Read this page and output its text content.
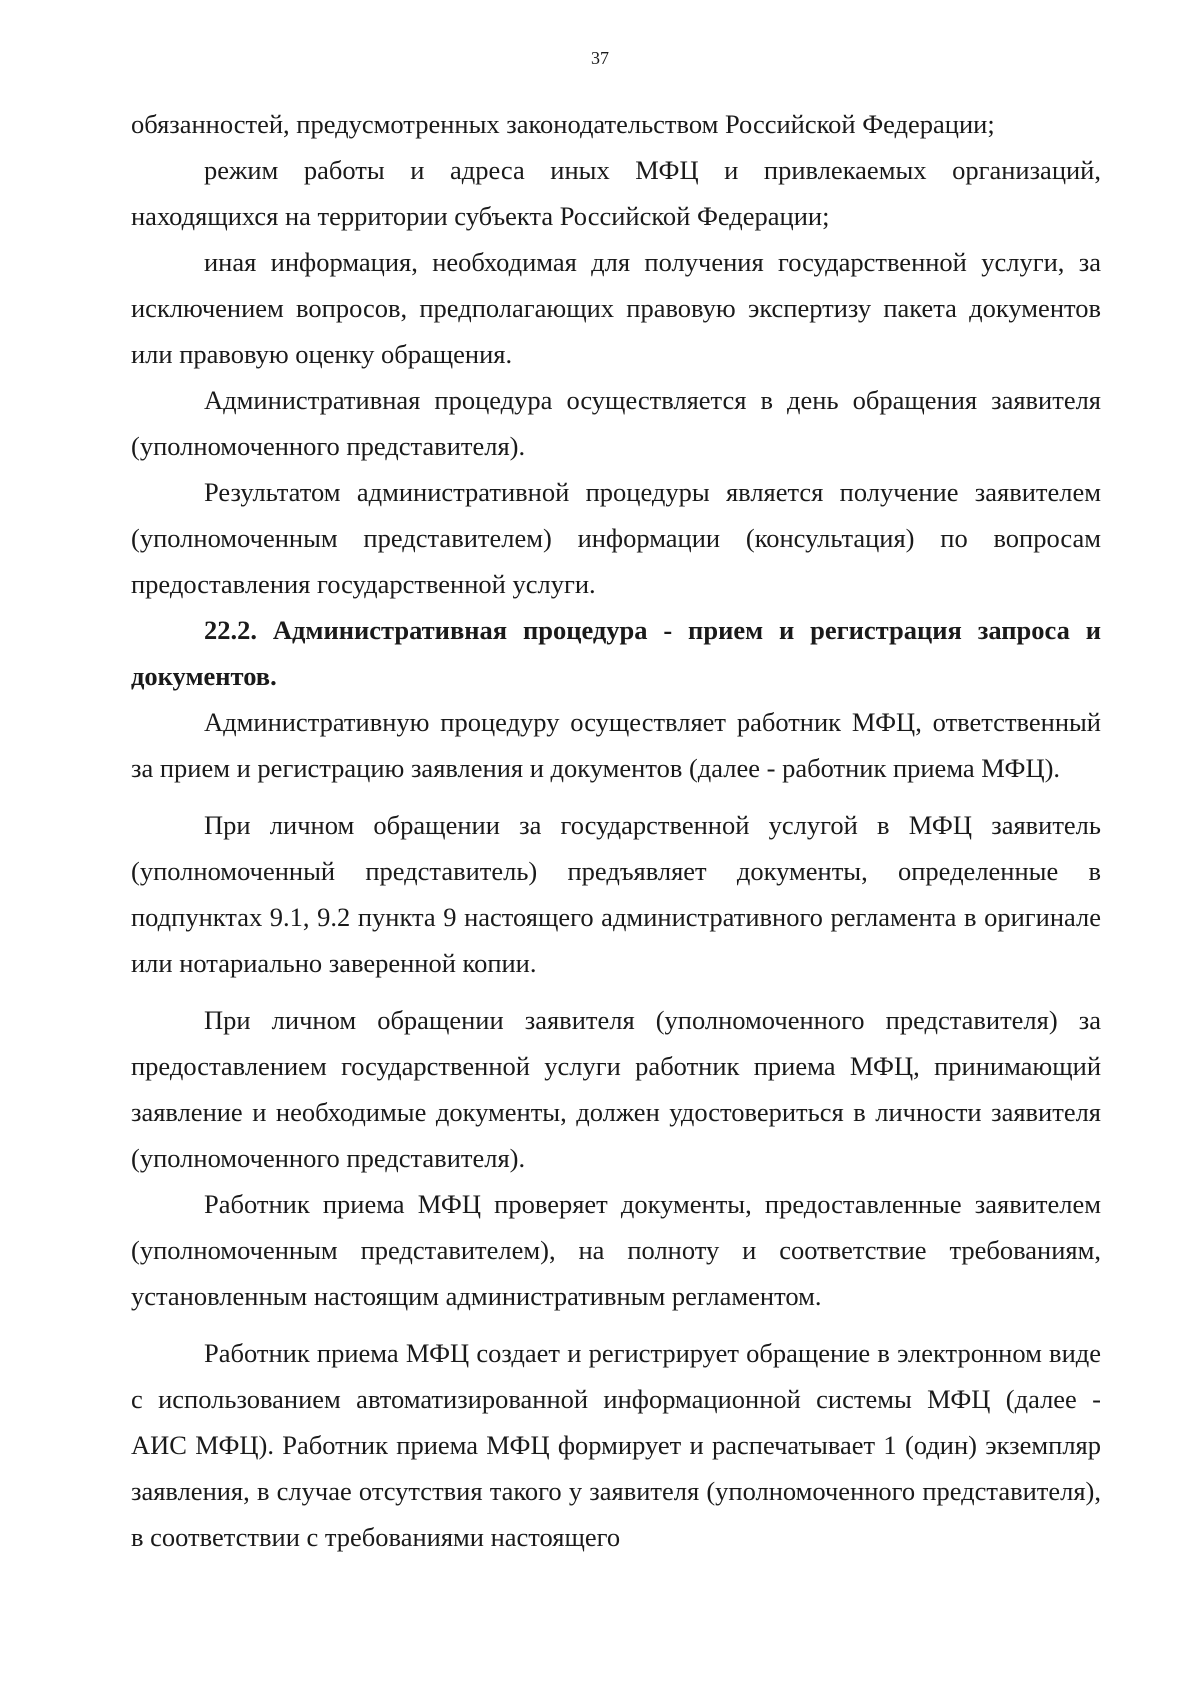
37

обязанностей, предусмотренных законодательством Российской Федерации;

режим работы и адреса иных МФЦ и привлекаемых организаций, находящихся на территории субъекта Российской Федерации;

иная информация, необходимая для получения государственной услуги, за исключением вопросов, предполагающих правовую экспертизу пакета документов или правовую оценку обращения.

Административная процедура осуществляется в день обращения заявителя (уполномоченного представителя).

Результатом административной процедуры является получение заявителем (уполномоченным представителем) информации (консультация) по вопросам предоставления государственной услуги.

22.2. Административная процедура - прием и регистрация запроса и документов.

Административную процедуру осуществляет работник МФЦ, ответственный за прием и регистрацию заявления и документов (далее - работник приема МФЦ).

При личном обращении за государственной услугой в МФЦ заявитель (уполномоченный представитель) предъявляет документы, определенные в подпунктах 9.1, 9.2 пункта 9 настоящего административного регламента в оригинале или нотариально заверенной копии.

При личном обращении заявителя (уполномоченного представителя) за предоставлением государственной услуги работник приема МФЦ, принимающий заявление и необходимые документы, должен удостовериться в личности заявителя (уполномоченного представителя).

Работник приема МФЦ проверяет документы, предоставленные заявителем (уполномоченным представителем), на полноту и соответствие требованиям, установленным настоящим административным регламентом.

Работник приема МФЦ создает и регистрирует обращение в электронном виде с использованием автоматизированной информационной системы МФЦ (далее - АИС МФЦ). Работник приема МФЦ формирует и распечатывает 1 (один) экземпляр заявления, в случае отсутствия такого у заявителя (уполномоченного представителя), в соответствии с требованиями настоящего
